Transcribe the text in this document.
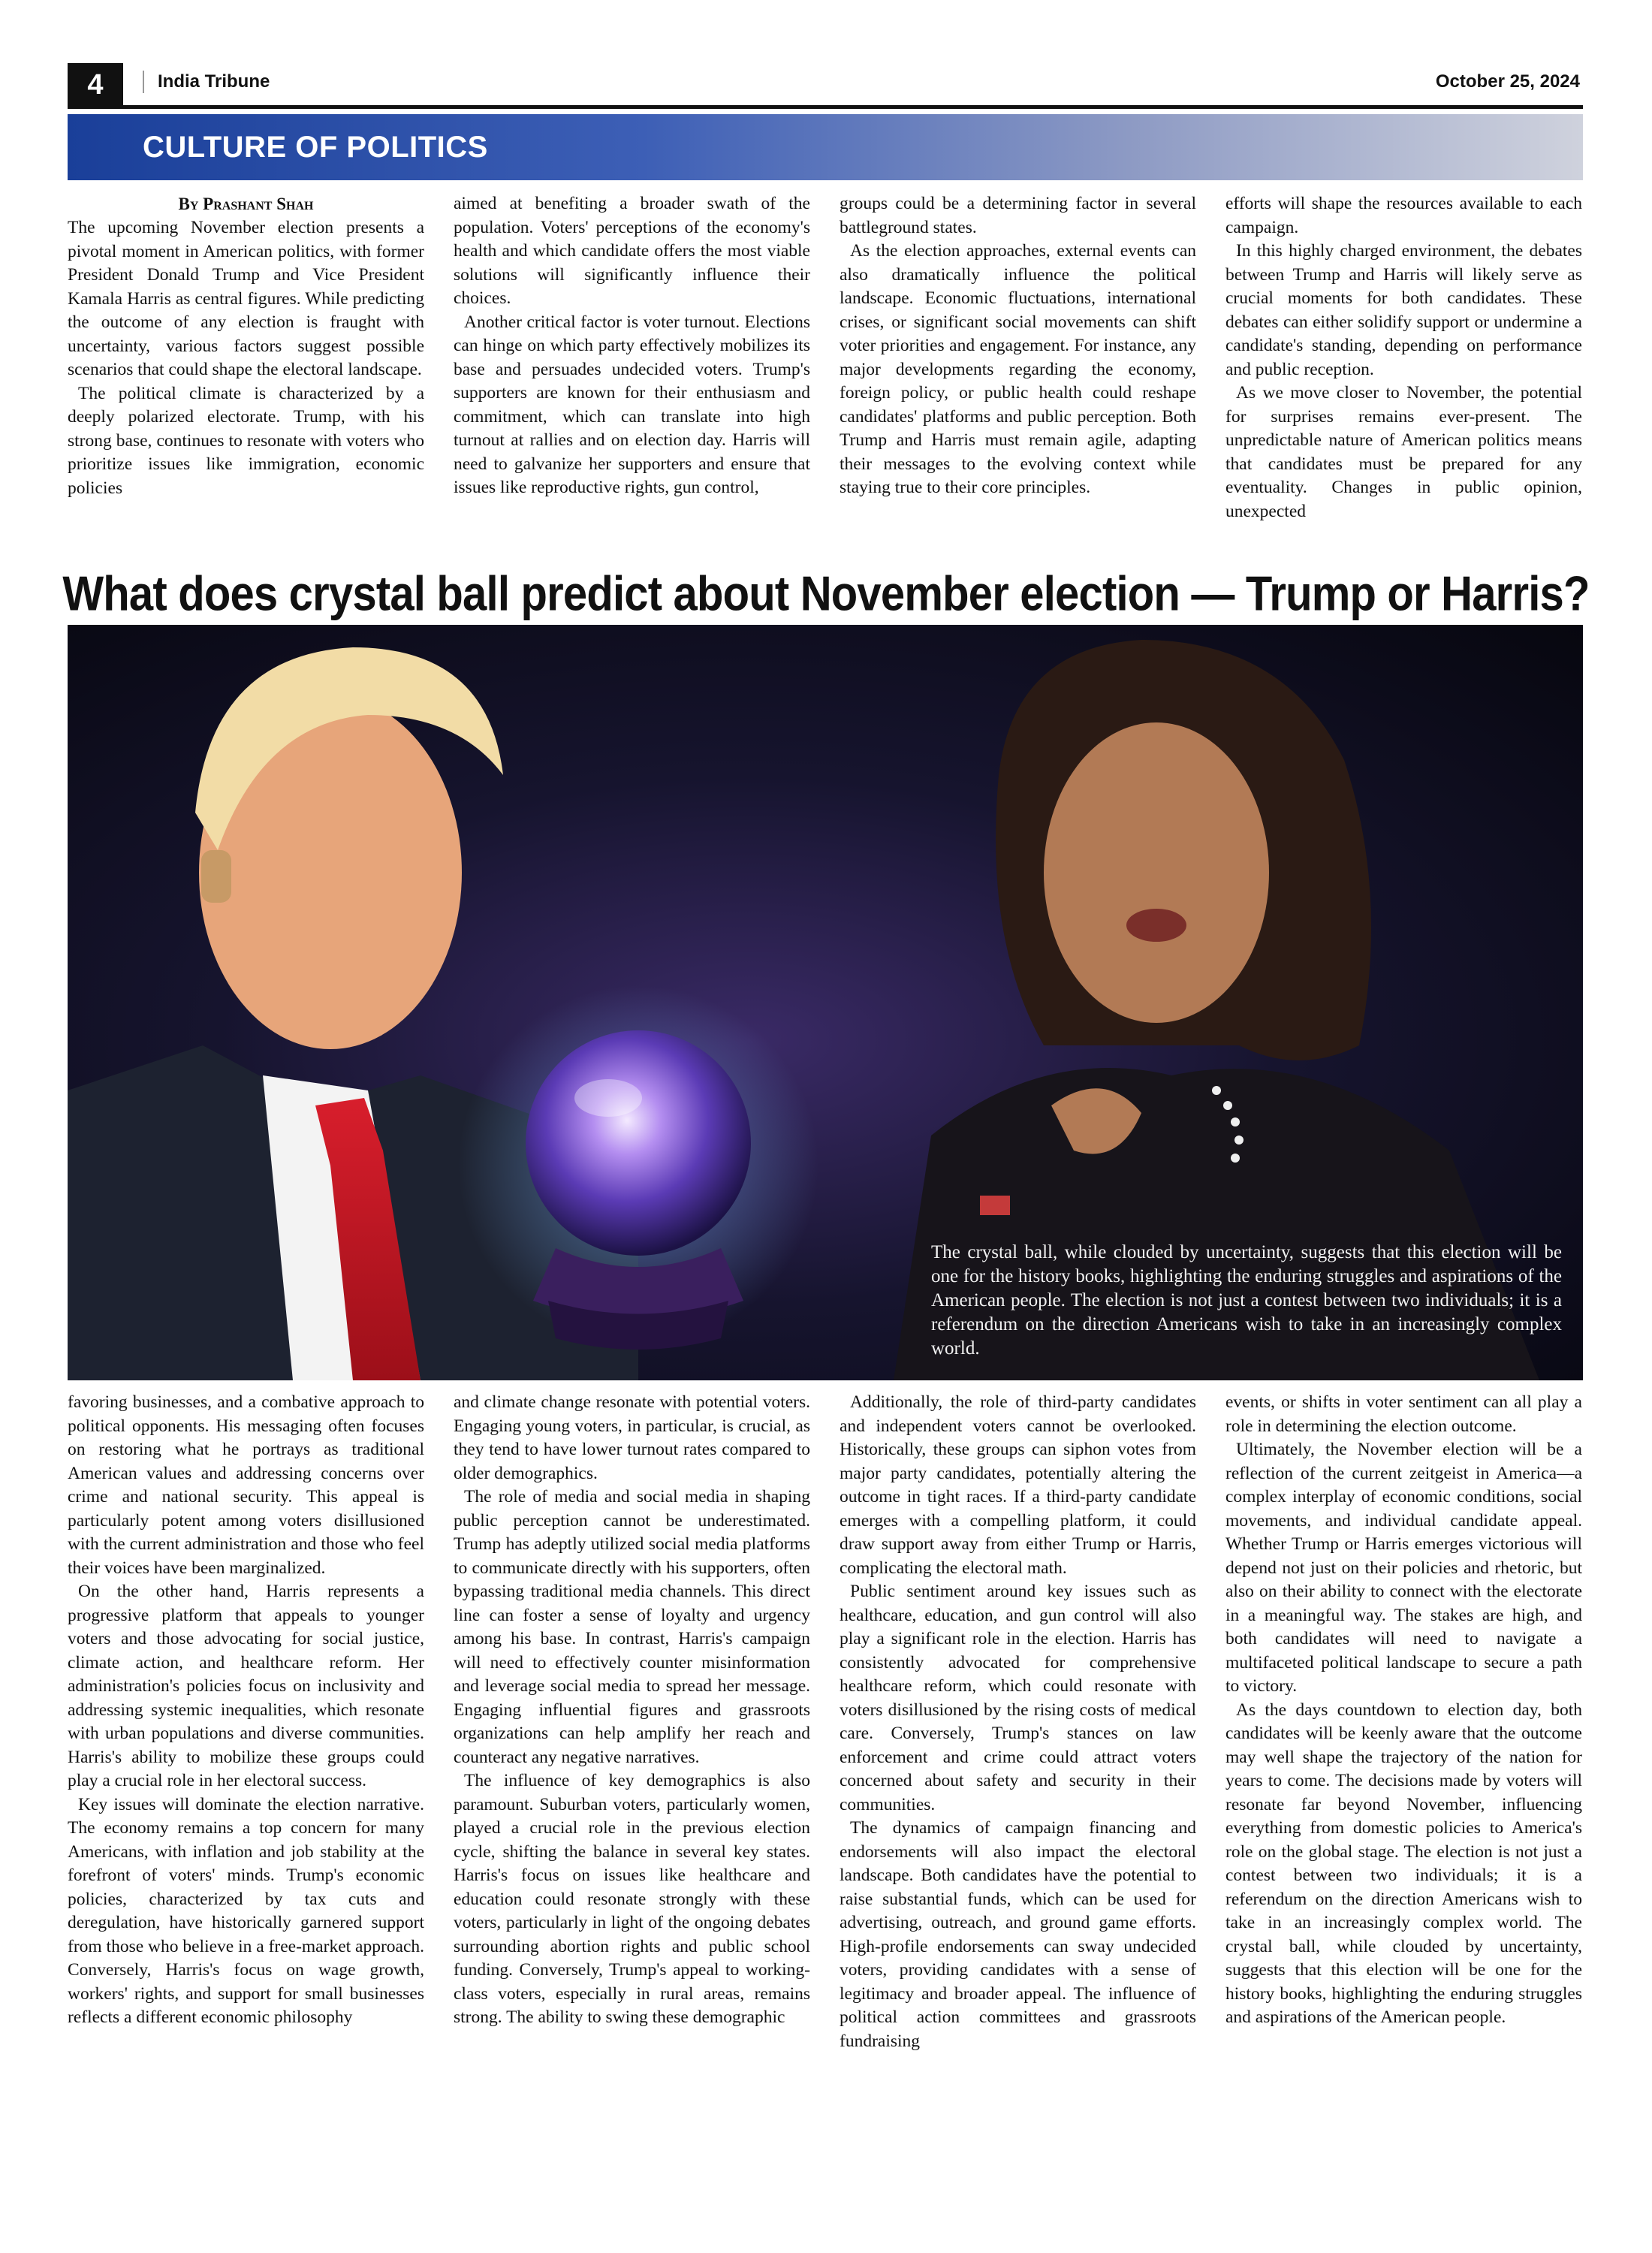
4	India Tribune	October 25, 2024
CULTURE OF POLITICS
By Prashant Shah

The upcoming November election presents a pivotal moment in American politics, with former President Donald Trump and Vice President Kamala Harris as central figures. While predicting the outcome of any election is fraught with uncertainty, various factors suggest possible scenarios that could shape the electoral landscape.

The political climate is characterized by a deeply polarized electorate. Trump, with his strong base, continues to resonate with voters who prioritize issues like immigration, economic policies

aimed at benefiting a broader swath of the population. Voters' perceptions of the economy's health and which candidate offers the most viable solutions will significantly influence their choices.

Another critical factor is voter turnout. Elections can hinge on which party effectively mobilizes its base and persuades undecided voters. Trump's supporters are known for their enthusiasm and commitment, which can translate into high turnout at rallies and on election day. Harris will need to galvanize her supporters and ensure that issues like reproductive rights, gun control,

groups could be a determining factor in several battleground states.

As the election approaches, external events can also dramatically influence the political landscape. Economic fluctuations, international crises, or significant social movements can shift voter priorities and engagement. For instance, any major developments regarding the economy, foreign policy, or public health could reshape candidates' platforms and public perception. Both Trump and Harris must remain agile, adapting their messages to the evolving context while staying true to their core principles.

efforts will shape the resources available to each campaign.

In this highly charged environment, the debates between Trump and Harris will likely serve as crucial moments for both candidates. These debates can either solidify support or undermine a candidate's standing, depending on performance and public reception.

As we move closer to November, the potential for surprises remains ever-present. The unpredictable nature of American politics means that candidates must be prepared for any eventuality. Changes in public opinion, unexpected

What does crystal ball predict about November election — Trump or Harris?
The crystal ball, while clouded by uncertainty, suggests that this election will be one for the history books, highlighting the enduring struggles and aspirations of the American people. The election is not just a contest between two individuals; it is a referendum on the direction Americans wish to take in an increasingly complex world.

favoring businesses, and a combative approach to political opponents. His messaging often focuses on restoring what he portrays as traditional American values and addressing concerns over crime and national security. This appeal is particularly potent among voters disillusioned with the current administration and those who feel their voices have been marginalized.

On the other hand, Harris represents a progressive platform that appeals to younger voters and those advocating for social justice, climate action, and healthcare reform. Her administration's policies focus on inclusivity and addressing systemic inequalities, which resonate with urban populations and diverse communities. Harris's ability to mobilize these groups could play a crucial role in her electoral success.

Key issues will dominate the election narrative. The economy remains a top concern for many Americans, with inflation and job stability at the forefront of voters' minds. Trump's economic policies, characterized by tax cuts and deregulation, have historically garnered support from those who believe in a free-market approach. Conversely, Harris's focus on wage growth, workers' rights, and support for small businesses reflects a different economic philosophy

and climate change resonate with potential voters. Engaging young voters, in particular, is crucial, as they tend to have lower turnout rates compared to older demographics.

The role of media and social media in shaping public perception cannot be underestimated. Trump has adeptly utilized social media platforms to communicate directly with his supporters, often bypassing traditional media channels. This direct line can foster a sense of loyalty and urgency among his base. In contrast, Harris's campaign will need to effectively counter misinformation and leverage social media to spread her message. Engaging influential figures and grassroots organizations can help amplify her reach and counteract any negative narratives.

The influence of key demographics is also paramount. Suburban voters, particularly women, played a crucial role in the previous election cycle, shifting the balance in several key states. Harris's focus on issues like healthcare and education could resonate strongly with these voters, particularly in light of the ongoing debates surrounding abortion rights and public school funding. Conversely, Trump's appeal to working-class voters, especially in rural areas, remains strong. The ability to swing these demographic

Additionally, the role of third-party candidates and independent voters cannot be overlooked. Historically, these groups can siphon votes from major party candidates, potentially altering the outcome in tight races. If a third-party candidate emerges with a compelling platform, it could draw support away from either Trump or Harris, complicating the electoral math.

Public sentiment around key issues such as healthcare, education, and gun control will also play a significant role in the election. Harris has consistently advocated for comprehensive healthcare reform, which could resonate with voters disillusioned by the rising costs of medical care. Conversely, Trump's stances on law enforcement and crime could attract voters concerned about safety and security in their communities.

The dynamics of campaign financing and endorsements will also impact the electoral landscape. Both candidates have the potential to raise substantial funds, which can be used for advertising, outreach, and ground game efforts. High-profile endorsements can sway undecided voters, providing candidates with a sense of legitimacy and broader appeal. The influence of political action committees and grassroots fundraising

events, or shifts in voter sentiment can all play a role in determining the election outcome.

Ultimately, the November election will be a reflection of the current zeitgeist in America—a complex interplay of economic conditions, social movements, and individual candidate appeal. Whether Trump or Harris emerges victorious will depend not just on their policies and rhetoric, but also on their ability to connect with the electorate in a meaningful way. The stakes are high, and both candidates will need to navigate a multifaceted political landscape to secure a path to victory.

As the days countdown to election day, both candidates will be keenly aware that the outcome may well shape the trajectory of the nation for years to come. The decisions made by voters will resonate far beyond November, influencing everything from domestic policies to America's role on the global stage. The election is not just a contest between two individuals; it is a referendum on the direction Americans wish to take in an increasingly complex world. The crystal ball, while clouded by uncertainty, suggests that this election will be one for the history books, highlighting the enduring struggles and aspirations of the American people.
